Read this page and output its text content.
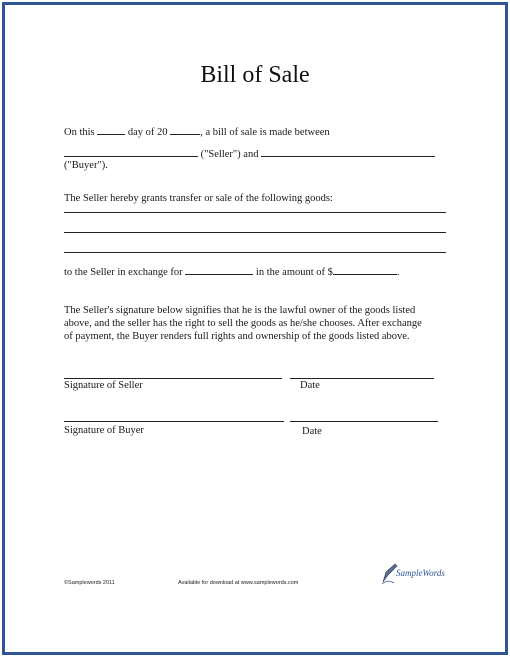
Bill of Sale
On this	day of 20	, a bill of sale is made between
("Seller") and
("Buyer").
The Seller hereby grants transfer or sale of the following goods:
to the Seller in exchange for	in the amount of $	.
The Seller's signature below signifies that he is the lawful owner of the goods listed
above, and the seller has the right to sell the goods as he/she chooses. After exchange
of payment, the Buyer renders full rights and ownership of the goods listed above.
Signature of Seller	Date
Signature of Buyer	Date
©Samplewords 2011	Available for download at www.samplewords.com
SampleWords
